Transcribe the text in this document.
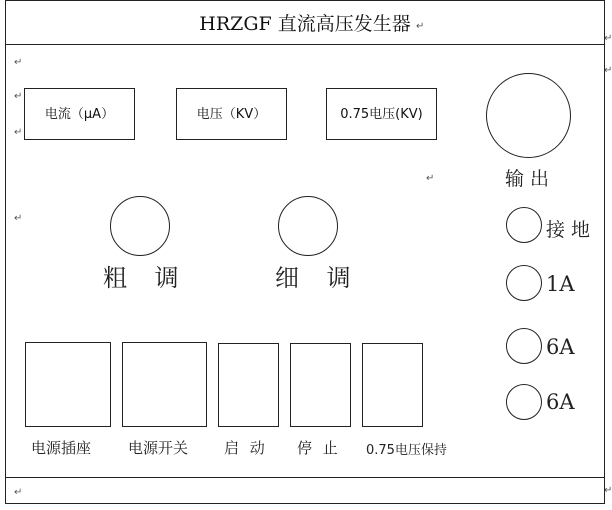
HRZGF 直流高压发生器
电流（μA）	电压（KV）	0.75电压(KV)
输 出
粗 调	细 调
接 地
1A
6A
6A
电源插座 电源开关 启 动 停 止 0.75电压保持
↵
↵
↵
↵
↵
↵
↵
↵
↵
↵
